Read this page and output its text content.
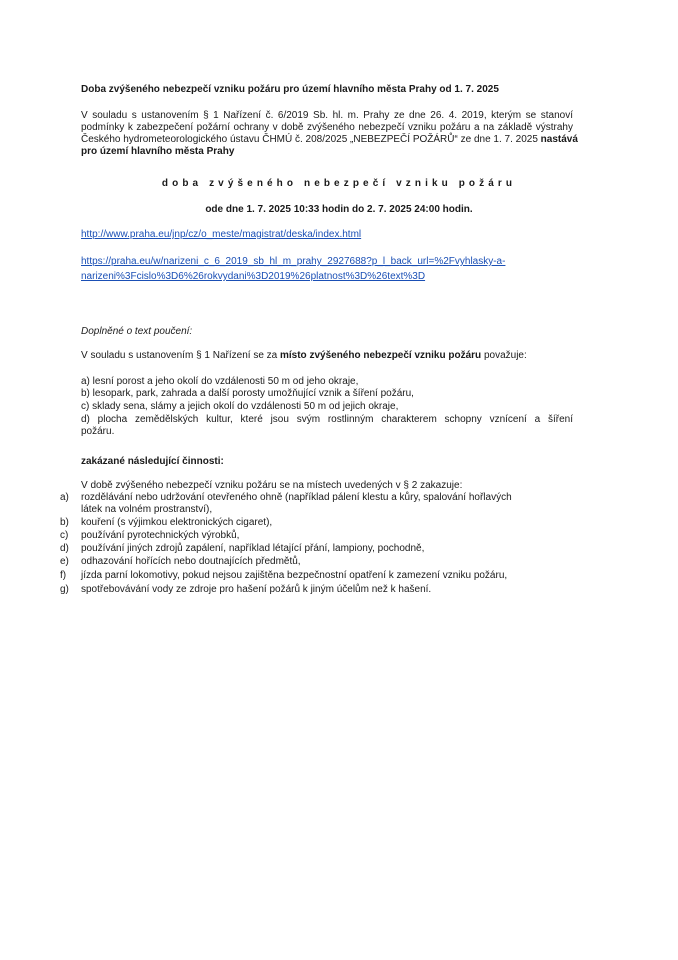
Doba zvýšeného nebezpečí vzniku požáru pro území hlavního města Prahy od 1. 7. 2025
V souladu s ustanovením § 1 Nařízení č. 6/2019 Sb. hl. m. Prahy ze dne 26. 4. 2019, kterým se stanoví
podmínky k zabezpečení požární ochrany v době zvýšeného nebezpečí vzniku požáru a na základě výstrahy
Českého hydrometeorologického ústavu ČHMÚ č. 208/2025 „NEBEZPEČÍ POŽÁRŮ“ ze dne 1. 7. 2025 nastává
pro území hlavního města Prahy
doba zvýšeného nebezpečí vzniku požáru
ode dne 1. 7. 2025 10:33 hodin do 2. 7. 2025 24:00 hodin.
http://www.praha.eu/jnp/cz/o_meste/magistrat/deska/index.html
https://praha.eu/w/narizeni_c_6_2019_sb_hl_m_prahy_2927688?p_l_back_url=%2Fvyhlasky-a-
narizeni%3Fcislo%3D6%26rokvydani%3D2019%26platnost%3D%26text%3D
Doplněné o text poučení:
V souladu s ustanovením § 1 Nařízení se za místo zvýšeného nebezpečí vzniku požáru považuje:
a) lesní porost a jeho okolí do vzdálenosti 50 m od jeho okraje,
b) lesopark, park, zahrada a další porosty umožňující vznik a šíření požáru,
c) sklady sena, slámy a jejich okolí do vzdálenosti 50 m od jejich okraje,
d) plocha zemědělských kultur, které jsou svým rostlinným charakterem schopny vznícení a šíření
požáru.
zakázané následující činnosti:
V době zvýšeného nebezpečí vzniku požáru se na místech uvedených v § 2 zakazuje:
a) rozdělávání nebo udržování otevřeného ohně (například pálení klestu a kůry, spalování hořlavých
látek na volném prostranství),
b) kouření (s výjimkou elektronických cigaret),
c) používání pyrotechnických výrobků,
d) používání jiných zdrojů zapálení, například létající přání, lampiony, pochodně,
e) odhazování hořících nebo doutnajících předmětů,
f) jízda parní lokomotivy, pokud nejsou zajištěna bezpečnostní opatření k zamezení vzniku požáru,
g) spotřebovávání vody ze zdroje pro hašení požárů k jiným účelům než k hašení.
